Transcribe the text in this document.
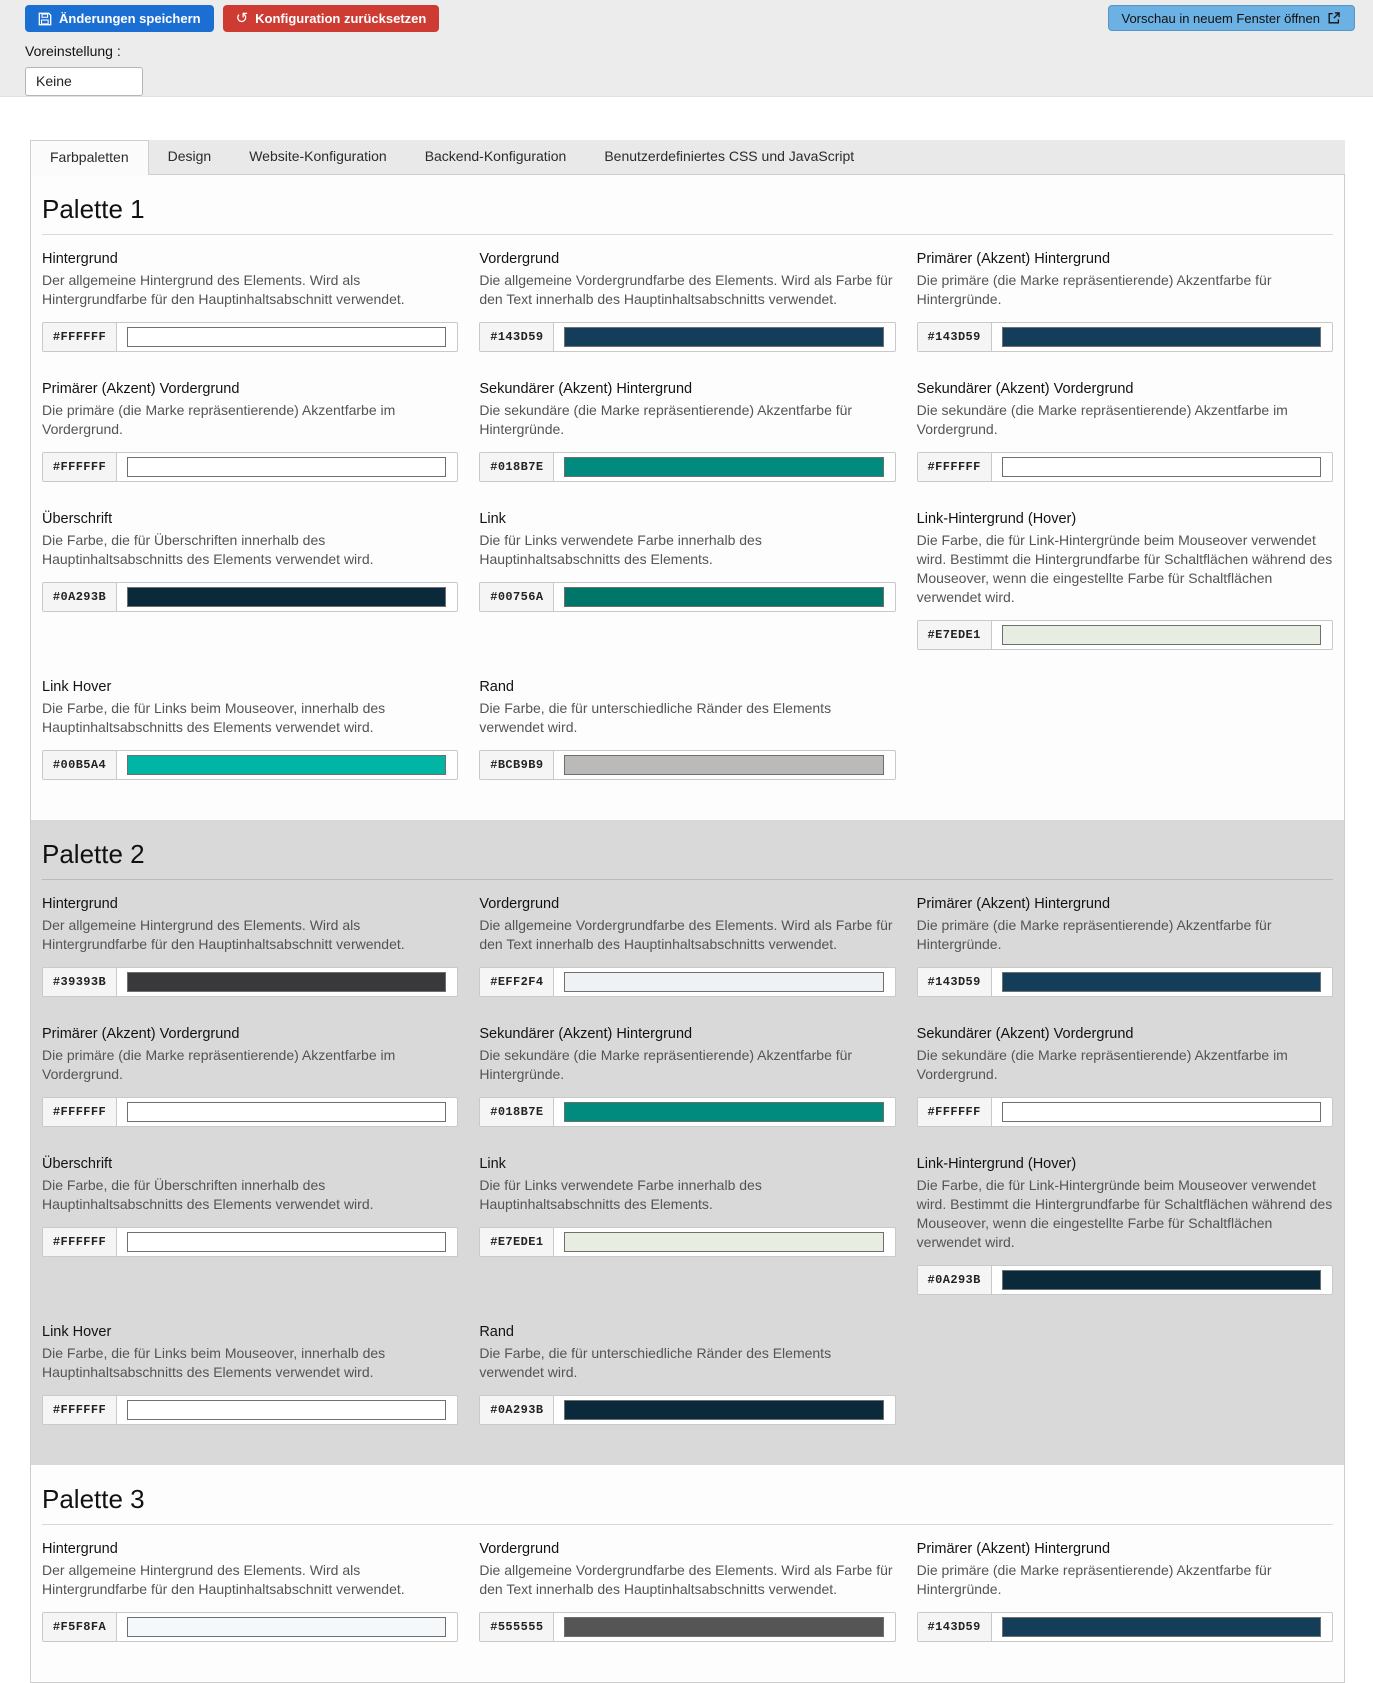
Änderungen speichern ↺ Konfiguration zurücksetzen	Vorschau in neuem Fenster öffnen
Voreinstellung :
Keine
Farbpaletten	Design	Website-Konfiguration	Backend-Konfiguration	Benutzerdefiniertes CSS und JavaScript
Palette 1
Hintergrund
Der allgemeine Hintergrund des Elements. Wird als Hintergrundfarbe für den Hauptinhaltsabschnitt verwendet.
#FFFFFF
Vordergrund
Die allgemeine Vordergrundfarbe des Elements. Wird als Farbe für den Text innerhalb des Hauptinhaltsabschnitts verwendet.
#143D59
Primärer (Akzent) Hintergrund
Die primäre (die Marke repräsentierende) Akzentfarbe für Hintergründe.
#143D59
Primärer (Akzent) Vordergrund
Die primäre (die Marke repräsentierende) Akzentfarbe im Vordergrund.
#FFFFFF
Sekundärer (Akzent) Hintergrund
Die sekundäre (die Marke repräsentierende) Akzentfarbe für Hintergründe.
#018B7E
Sekundärer (Akzent) Vordergrund
Die sekundäre (die Marke repräsentierende) Akzentfarbe im Vordergrund.
#FFFFFF
Überschrift
Die Farbe, die für Überschriften innerhalb des Hauptinhaltsabschnitts des Elements verwendet wird.
#0A293B
Link
Die für Links verwendete Farbe innerhalb des Hauptinhaltsabschnitts des Elements.
#00756A
Link-Hintergrund (Hover)
Die Farbe, die für Link-Hintergründe beim Mouseover verwendet wird. Bestimmt die Hintergrundfarbe für Schaltflächen während des Mouseover, wenn die eingestellte Farbe für Schaltflächen verwendet wird.
#E7EDE1
Link Hover
Die Farbe, die für Links beim Mouseover, innerhalb des Hauptinhaltsabschnitts des Elements verwendet wird.
#00B5A4
Rand
Die Farbe, die für unterschiedliche Ränder des Elements verwendet wird.
#BCB9B9
Palette 2
Hintergrund
Der allgemeine Hintergrund des Elements. Wird als Hintergrundfarbe für den Hauptinhaltsabschnitt verwendet.
#39393B
Vordergrund
Die allgemeine Vordergrundfarbe des Elements. Wird als Farbe für den Text innerhalb des Hauptinhaltsabschnitts verwendet.
#EFF2F4
Primärer (Akzent) Hintergrund
Die primäre (die Marke repräsentierende) Akzentfarbe für Hintergründe.
#143D59
Primärer (Akzent) Vordergrund
Die primäre (die Marke repräsentierende) Akzentfarbe im Vordergrund.
#FFFFFF
Sekundärer (Akzent) Hintergrund
Die sekundäre (die Marke repräsentierende) Akzentfarbe für Hintergründe.
#018B7E
Sekundärer (Akzent) Vordergrund
Die sekundäre (die Marke repräsentierende) Akzentfarbe im Vordergrund.
#FFFFFF
Überschrift
Die Farbe, die für Überschriften innerhalb des Hauptinhaltsabschnitts des Elements verwendet wird.
#FFFFFF
Link
Die für Links verwendete Farbe innerhalb des Hauptinhaltsabschnitts des Elements.
#E7EDE1
Link-Hintergrund (Hover)
Die Farbe, die für Link-Hintergründe beim Mouseover verwendet wird. Bestimmt die Hintergrundfarbe für Schaltflächen während des Mouseover, wenn die eingestellte Farbe für Schaltflächen verwendet wird.
#0A293B
Link Hover
Die Farbe, die für Links beim Mouseover, innerhalb des Hauptinhaltsabschnitts des Elements verwendet wird.
#FFFFFF
Rand
Die Farbe, die für unterschiedliche Ränder des Elements verwendet wird.
#0A293B
Palette 3
Hintergrund
Der allgemeine Hintergrund des Elements. Wird als Hintergrundfarbe für den Hauptinhaltsabschnitt verwendet.
#F5F8FA
Vordergrund
Die allgemeine Vordergrundfarbe des Elements. Wird als Farbe für den Text innerhalb des Hauptinhaltsabschnitts verwendet.
#555555
Primärer (Akzent) Hintergrund
Die primäre (die Marke repräsentierende) Akzentfarbe für Hintergründe.
#143D59
